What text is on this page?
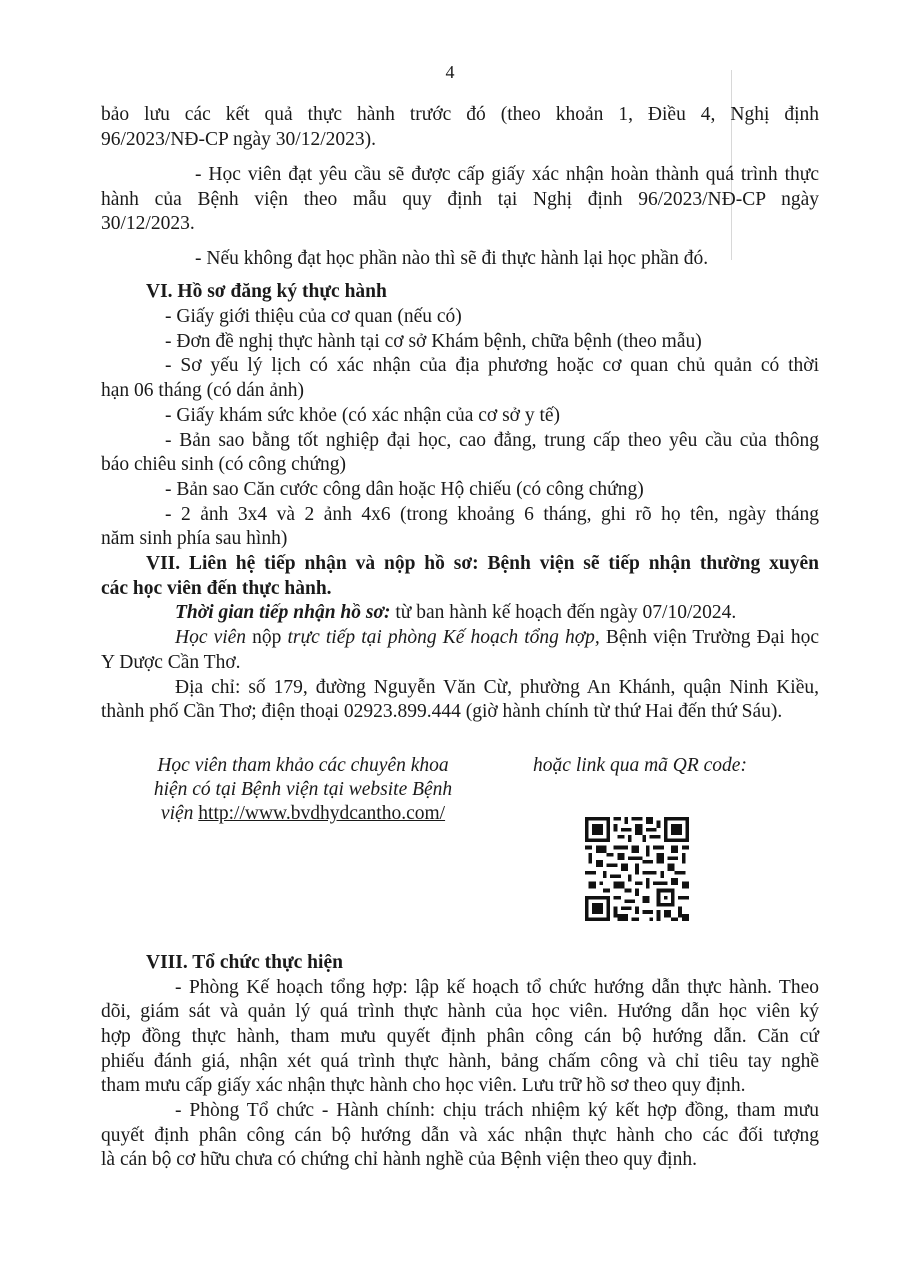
4
bảo lưu các kết quả thực hành trước đó (theo khoản 1, Điều 4, Nghị định
96/2023/NĐ-CP ngày 30/12/2023).
- Học viên đạt yêu cầu sẽ được cấp giấy xác nhận hoàn thành quá trình thực
hành của Bệnh viện theo mẫu quy định tại Nghị định 96/2023/NĐ-CP ngày
30/12/2023.
- Nếu không đạt học phần nào thì sẽ đi thực hành lại học phần đó.
VI. Hồ sơ đăng ký thực hành
- Giấy giới thiệu của cơ quan (nếu có)
- Đơn đề nghị thực hành tại cơ sở Khám bệnh, chữa bệnh (theo mẫu)
- Sơ yếu lý lịch có xác nhận của địa phương hoặc cơ quan chủ quản có thời
hạn 06 tháng (có dán ảnh)
- Giấy khám sức khỏe (có xác nhận của cơ sở y tế)
- Bản sao bằng tốt nghiệp đại học, cao đẳng, trung cấp theo yêu cầu của thông
báo chiêu sinh (có công chứng)
- Bản sao Căn cước công dân hoặc Hộ chiếu (có công chứng)
- 2 ảnh 3x4 và 2 ảnh 4x6 (trong khoảng 6 tháng, ghi rõ họ tên, ngày tháng
năm sinh phía sau hình)
VII. Liên hệ tiếp nhận và nộp hồ sơ: Bệnh viện sẽ tiếp nhận thường xuyên
các học viên đến thực hành.
Thời gian tiếp nhận hồ sơ: từ ban hành kế hoạch đến ngày 07/10/2024.
Học viên nộp trực tiếp tại phòng Kế hoạch tổng hợp, Bệnh viện Trường Đại học
Y Dược Cần Thơ.
Địa chỉ: số 179, đường Nguyễn Văn Cừ, phường An Khánh, quận Ninh Kiều,
thành phố Cần Thơ; điện thoại 02923.899.444 (giờ hành chính từ thứ Hai đến thứ Sáu).
Học viên tham khảo các chuyên khoa
hiện có tại Bệnh viện tại website Bệnh
viện http://www.bvdhydcantho.com/
hoặc link qua mã QR code:
VIII. Tổ chức thực hiện
- Phòng Kế hoạch tổng hợp: lập kế hoạch tổ chức hướng dẫn thực hành. Theo
dõi, giám sát và quản lý quá trình thực hành của học viên. Hướng dẫn học viên ký
hợp đồng thực hành, tham mưu quyết định phân công cán bộ hướng dẫn. Căn cứ
phiếu đánh giá, nhận xét quá trình thực hành, bảng chấm công và chỉ tiêu tay nghề
tham mưu cấp giấy xác nhận thực hành cho học viên. Lưu trữ hồ sơ theo quy định.
- Phòng Tổ chức - Hành chính: chịu trách nhiệm ký kết hợp đồng, tham mưu
quyết định phân công cán bộ hướng dẫn và xác nhận thực hành cho các đối tượng
là cán bộ cơ hữu chưa có chứng chỉ hành nghề của Bệnh viện theo quy định.
